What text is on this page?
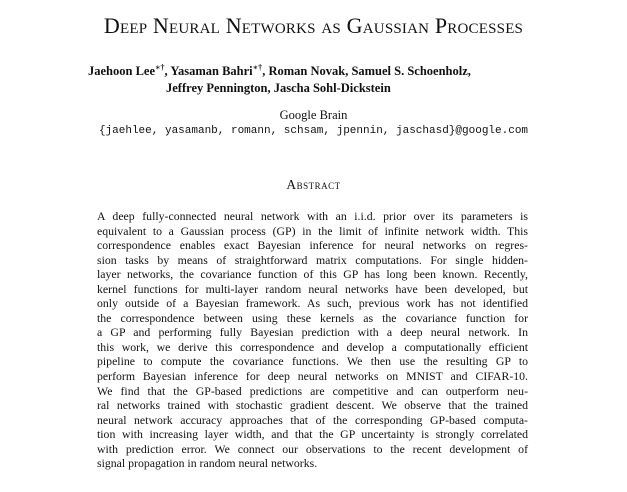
Deep Neural Networks as Gaussian Processes
Jaehoon Lee∗†, Yasaman Bahri∗†, Roman Novak, Samuel S. Schoenholz,
Jeffrey Pennington, Jascha Sohl-Dickstein
Google Brain
{jaehlee, yasamanb, romann, schsam, jpennin, jaschasd}@google.com
Abstract
A deep fully-connected neural network with an i.i.d. prior over its parameters is
equivalent to a Gaussian process (GP) in the limit of infinite network width. This
correspondence enables exact Bayesian inference for neural networks on regres-
sion tasks by means of straightforward matrix computations. For single hidden-
layer networks, the covariance function of this GP has long been known. Recently,
kernel functions for multi-layer random neural networks have been developed, but
only outside of a Bayesian framework. As such, previous work has not identified
the correspondence between using these kernels as the covariance function for
a GP and performing fully Bayesian prediction with a deep neural network. In
this work, we derive this correspondence and develop a computationally efficient
pipeline to compute the covariance functions. We then use the resulting GP to
perform Bayesian inference for deep neural networks on MNIST and CIFAR-10.
We find that the GP-based predictions are competitive and can outperform neu-
ral networks trained with stochastic gradient descent. We observe that the trained
neural network accuracy approaches that of the corresponding GP-based computa-
tion with increasing layer width, and that the GP uncertainty is strongly correlated
with prediction error. We connect our observations to the recent development of
signal propagation in random neural networks.
